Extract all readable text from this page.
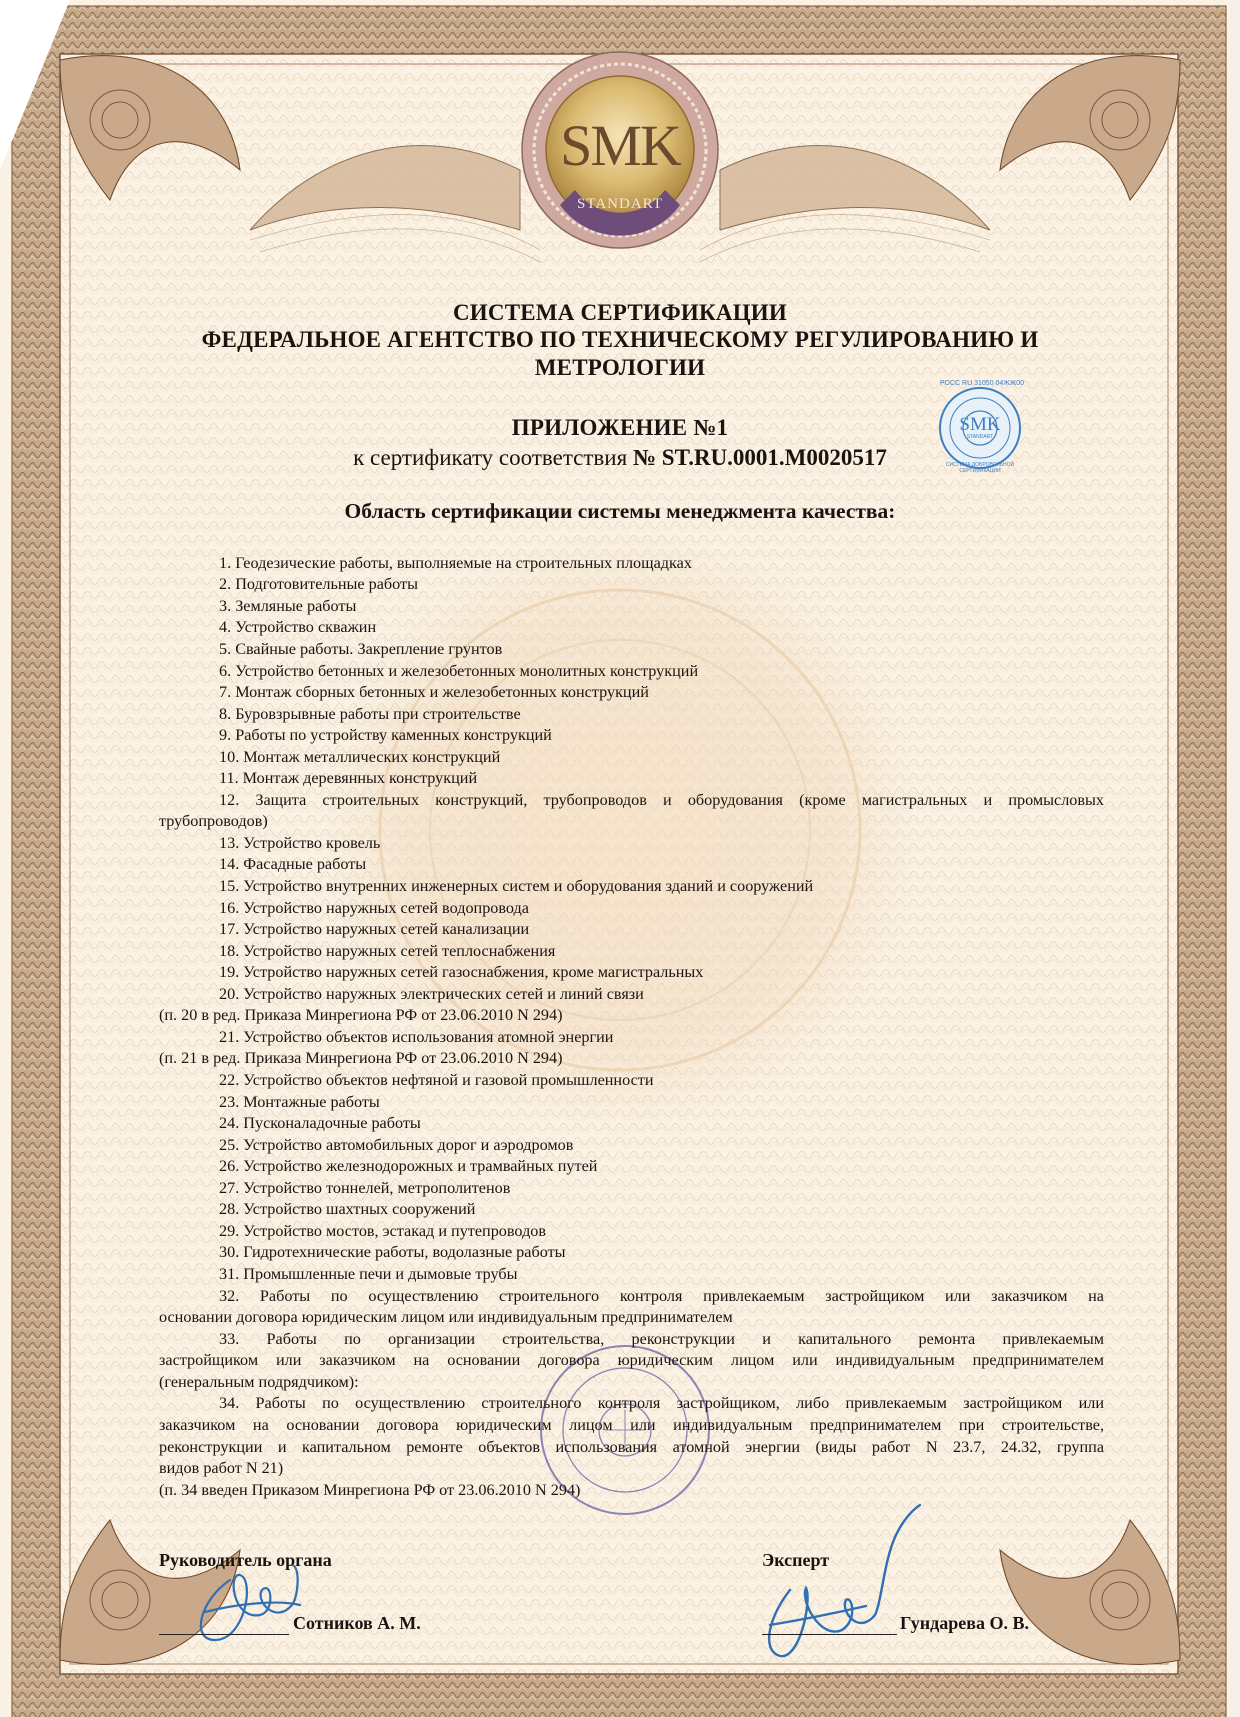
SMK
STANDART
СИСТЕМА СЕРТИФИКАЦИИ
ФЕДЕРАЛЬНОЕ АГЕНТСТВО ПО ТЕХНИЧЕСКОМУ РЕГУЛИРОВАНИЮ И
МЕТРОЛОГИИ
РОСС RU 31050 04ЖЖ00
SMK
STANDART
СИСТЕМА ДОБРОВОЛЬНОЙ СЕРТИФИКАЦИИ
ПРИЛОЖЕНИЕ №1
к сертификату соответствия № ST.RU.0001.M0020517
Область сертификации системы менеджмента качества:
1. Геодезические работы, выполняемые на строительных площадках
2. Подготовительные работы
3. Земляные работы
4. Устройство скважин
5. Свайные работы. Закрепление грунтов
6. Устройство бетонных и железобетонных монолитных конструкций
7. Монтаж сборных бетонных и железобетонных конструкций
8. Буровзрывные работы при строительстве
9. Работы по устройству каменных конструкций
10. Монтаж металлических конструкций
11. Монтаж деревянных конструкций
12. Защита строительных конструкций, трубопроводов и оборудования (кроме магистральных и промысловых
трубопроводов)
13. Устройство кровель
14. Фасадные работы
15. Устройство внутренних инженерных систем и оборудования зданий и сооружений
16. Устройство наружных сетей водопровода
17. Устройство наружных сетей канализации
18. Устройство наружных сетей теплоснабжения
19. Устройство наружных сетей газоснабжения, кроме магистральных
20. Устройство наружных электрических сетей и линий связи
(п. 20 в ред. Приказа Минрегиона РФ от 23.06.2010 N 294)
21. Устройство объектов использования атомной энергии
(п. 21 в ред. Приказа Минрегиона РФ от 23.06.2010 N 294)
22. Устройство объектов нефтяной и газовой промышленности
23. Монтажные работы
24. Пусконаладочные работы
25. Устройство автомобильных дорог и аэродромов
26. Устройство железнодорожных и трамвайных путей
27. Устройство тоннелей, метрополитенов
28. Устройство шахтных сооружений
29. Устройство мостов, эстакад и путепроводов
30. Гидротехнические работы, водолазные работы
31. Промышленные печи и дымовые трубы
32. Работы по осуществлению строительного контроля привлекаемым застройщиком или заказчиком на
основании договора юридическим лицом или индивидуальным предпринимателем
33. Работы по организации строительства, реконструкции и капитального ремонта привлекаемым
застройщиком или заказчиком на основании договора юридическим лицом или индивидуальным предпринимателем
(генеральным подрядчиком):
34. Работы по осуществлению строительного контроля застройщиком, либо привлекаемым застройщиком или
заказчиком на основании договора юридическим лицом или индивидуальным предпринимателем при строительстве,
реконструкции и капитальном ремонте объектов использования атомной энергии (виды работ N 23.7, 24.32, группа
видов работ N 21)
(п. 34 введен Приказом Минрегиона РФ от 23.06.2010 N 294)
Руководитель органа
Сотников А. М.
Эксперт
Гундарева О. В.
